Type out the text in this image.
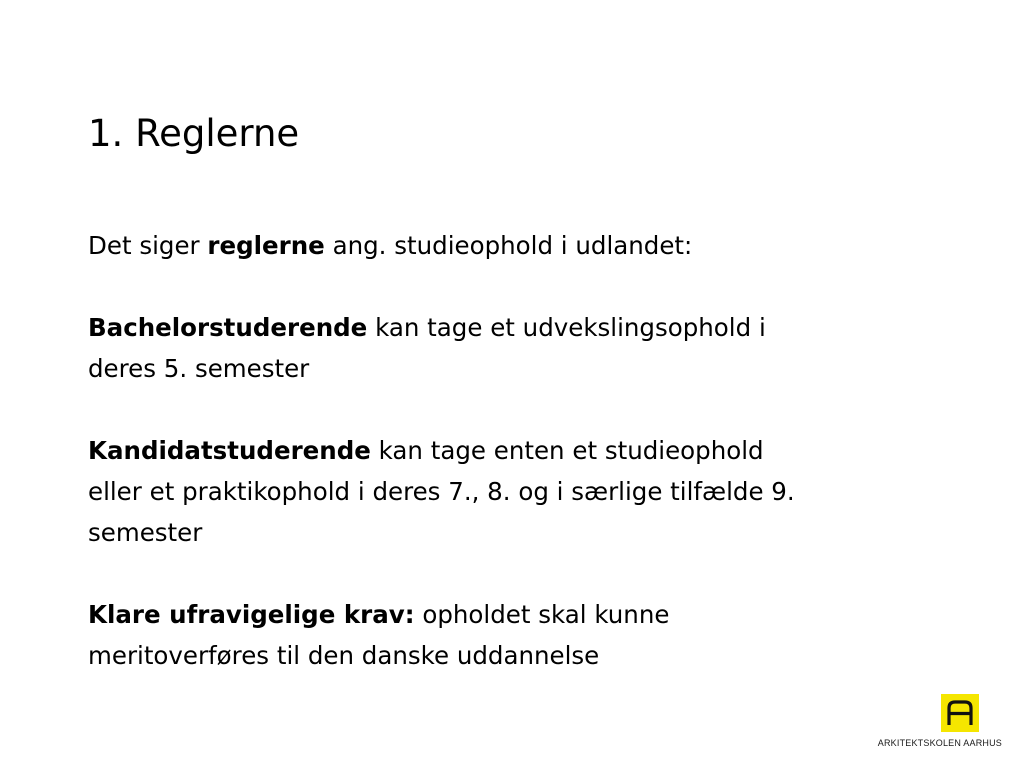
1. Reglerne

Det siger reglerne ang. studieophold i udlandet:

Bachelorstuderende kan tage et udvekslingsophold i
deres 5. semester
Kandidatstuderende kan tage enten et studieophold
eller et praktikophold i deres 7., 8. og i særlige tilfælde 9.
semester
Klare ufravigelige krav: opholdet skal kunne
meritoverføres til den danske uddannelse
ARKITEKTSKOLEN AARHUS
